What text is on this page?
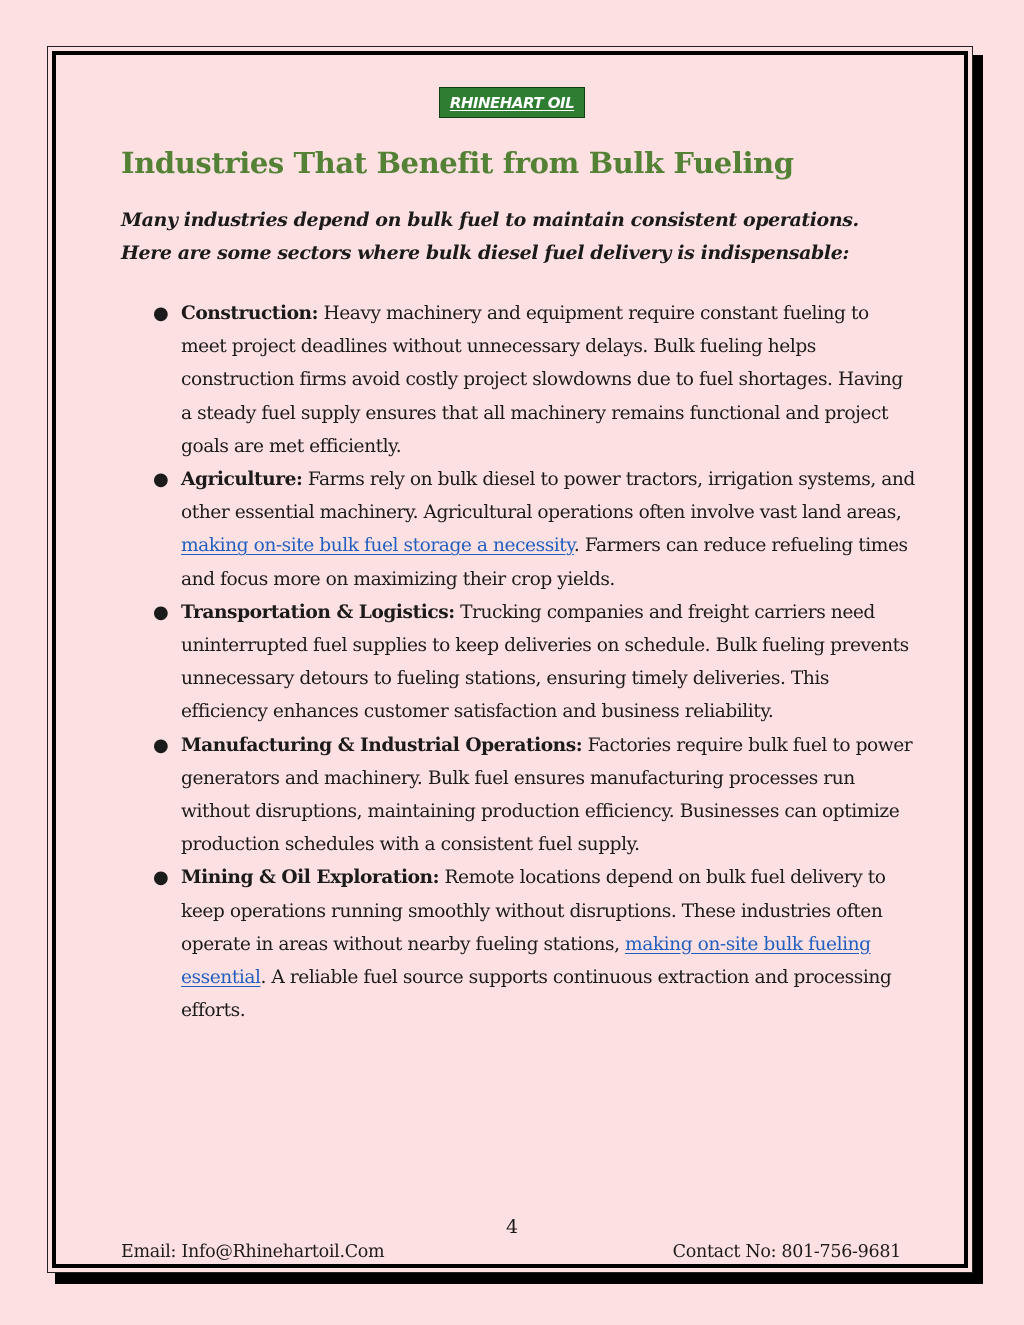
RHINEHART OIL
Industries That Benefit from Bulk Fueling

Many industries depend on bulk fuel to maintain consistent operations. Here are some sectors where bulk diesel fuel delivery is indispensable:

● Construction: Heavy machinery and equipment require constant fueling to meet project deadlines without unnecessary delays. Bulk fueling helps construction firms avoid costly project slowdowns due to fuel shortages. Having a steady fuel supply ensures that all machinery remains functional and project goals are met efficiently.
● Agriculture: Farms rely on bulk diesel to power tractors, irrigation systems, and other essential machinery. Agricultural operations often involve vast land areas, making on-site bulk fuel storage a necessity. Farmers can reduce refueling times and focus more on maximizing their crop yields.
● Transportation & Logistics: Trucking companies and freight carriers need uninterrupted fuel supplies to keep deliveries on schedule. Bulk fueling prevents unnecessary detours to fueling stations, ensuring timely deliveries. This efficiency enhances customer satisfaction and business reliability.
● Manufacturing & Industrial Operations: Factories require bulk fuel to power generators and machinery. Bulk fuel ensures manufacturing processes run without disruptions, maintaining production efficiency. Businesses can optimize production schedules with a consistent fuel supply.
● Mining & Oil Exploration: Remote locations depend on bulk fuel delivery to keep operations running smoothly without disruptions. These industries often operate in areas without nearby fueling stations, making on-site bulk fueling essential. A reliable fuel source supports continuous extraction and processing efforts.
4
Email: Info@Rhinehartoil.Com	Contact No: 801-756-9681
